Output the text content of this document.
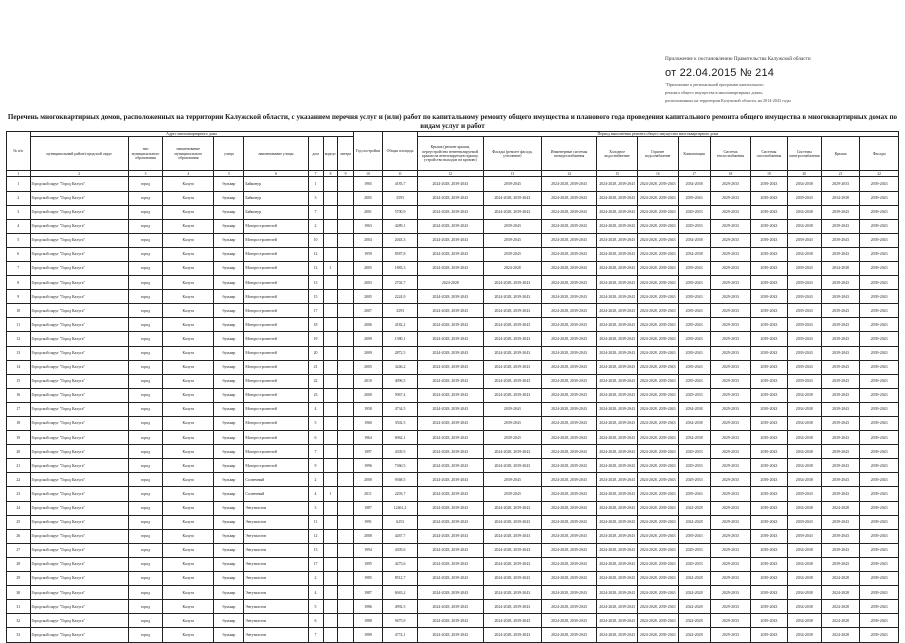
Приложение к постановлению Правительства Калужской области
от 22.04.2015 № 214
"Приложение к региональной программе капитального
ремонта общего имущества в многоквартирных домах,
расположенных на территории Калужской области, на 2014-2043 годы
Перечень многоквартирных домов, расположенных на территории Калужской области, с указанием перечня услуг и (или) работ по капитальному ремонту общего имущества и планового года проведения капитального ремонта общего имущества в многоквартирных домах по видам услуг и работ
№ п/п	Адрес многоквартирного дома								Год постройки	Общая площадь	Период выполнения ремонта общего имущества многоквартирного дома										
	муниципальный район/городской округ	тип муниципального образования	наименование муниципального образования	улица	наименование улицы	дом	корпус	литера			Крыша (ремонт крыши, переустройство невентилируемой крыши на вентилируемую крышу, устройство выходов на кровлю)	Фасады (ремонт фасада, утепление)	Инженерные системы электроснабжения	Холодное водоснабжение	Горячее водоснабжение	Канализация	Система теплоснабжения	Системы газоснабжения	Системы электроснабжения	Крыша	Фасады
1	2	3	4	5	6	7	8	9	10	11	12	13	14	15	16	17	18	19	20	21	22
1	Городской округ "Город Калуга"	город	Калуга	бульвар	Байконур	1			1965	4183,7	2024-2028, 2039-2043	2039-2043	2024-2028, 2039-2043	2024-2028, 2039-2043	2024-2028, 2039-2043	2034-2038	2029-2033	2039-2043	2034-2038	2029-2033	2039-2043
2	Городской округ "Город Калуга"	город	Калуга	бульвар	Байконур	3			2005	3593	2024-2028, 2039-2043	2024-2028, 2039-2043	2024-2028, 2039-2043	2024-2028, 2039-2043	2024-2028, 2039-2043	2039-2043	2029-2033	2039-2043	2039-2043	2034-2038	2039-2043
3	Городской округ "Город Калуга"	город	Калуга	бульвар	Байконур	7			2001	5700,9	2024-2028, 2039-2043	2024-2028, 2039-2043	2024-2028, 2039-2043	2024-2028, 2039-2043	2024-2028, 2039-2043	2029-2033	2029-2033	2039-2043	2034-2038	2039-2043	2039-2043
4	Городской округ "Город Калуга"	город	Калуга	бульвар	Моторостроителей	2			1963	4289,1	2024-2028, 2039-2043	2039-2043	2024-2028, 2039-2043	2024-2028, 2039-2043	2024-2028, 2039-2043	2029-2033	2029-2033	2039-2043	2034-2038	2039-2043	2039-2043
5	Городской округ "Город Калуга"	город	Калуга	бульвар	Моторостроителей	10			2004	2043,3	2024-2028, 2039-2043	2039-2043	2024-2028, 2039-2043	2024-2028, 2039-2043	2024-2028, 2039-2043	2034-2038	2029-2033	2039-2043	2039-2043	2039-2043	2039-2043
6	Городской округ "Город Калуга"	город	Калуга	бульвар	Моторостроителей	12			1959	8587,8	2024-2028, 2039-2043	2039-2043	2024-2028, 2039-2043	2024-2028, 2039-2043	2024-2028, 2039-2043	2034-2038	2029-2033	2039-2043	2034-2038	2039-2043	2039-2043
7	Городской округ "Город Калуга"	город	Калуга	бульвар	Моторостроителей	12	1		2005	1883,3	2024-2028, 2039-2043	2024-2028	2024-2028, 2039-2043	2024-2028, 2039-2043	2024-2028, 2039-2043	2039-2043	2029-2033	2039-2043	2039-2043	2034-2038	2039-2043
8	Городской округ "Город Калуга"	город	Калуга	бульвар	Моторостроителей	13			2003	2702,7	2024-2028	2024-2028, 2039-2043	2024-2028, 2039-2043	2024-2028, 2039-2043	2024-2028, 2039-2043	2039-2043	2029-2033	2039-2043	2039-2043	2039-2043	2039-2043
9	Городской округ "Город Калуга"	город	Калуга	бульвар	Моторостроителей	15			2005	2224,9	2024-2028, 2039-2043	2024-2028, 2039-2043	2024-2028, 2039-2043	2024-2028, 2039-2043	2024-2028, 2039-2043	2039-2043	2029-2033	2039-2043	2039-2043	2039-2043	2039-2043
10	Городской округ "Город Калуга"	город	Калуга	бульвар	Моторостроителей	17			2007	3293	2024-2028, 2039-2043	2024-2028, 2039-2043	2024-2028, 2039-2043	2024-2028, 2039-2043	2024-2028, 2039-2043	2039-2043	2029-2033	2039-2043	2039-2043	2039-2043	2039-2043
11	Городской округ "Город Калуга"	город	Калуга	бульвар	Моторостроителей	18			2006	4182,2	2024-2028, 2039-2043	2024-2028, 2039-2043	2024-2028, 2039-2043	2024-2028, 2039-2043	2024-2028, 2039-2043	2039-2043	2029-2033	2039-2043	2039-2043	2039-2043	2039-2043
12	Городской округ "Город Калуга"	город	Калуга	бульвар	Моторостроителей	19			2009	1380,1	2024-2028, 2039-2043	2024-2028, 2039-2043	2024-2028, 2039-2043	2024-2028, 2039-2043	2024-2028, 2039-2043	2039-2043	2029-2033	2039-2043	2039-2043	2039-2043	2039-2043
13	Городской округ "Город Калуга"	город	Калуга	бульвар	Моторостроителей	20			2009	2872,5	2024-2028, 2039-2043	2024-2028, 2039-2043	2024-2028, 2039-2043	2024-2028, 2039-2043	2024-2028, 2039-2043	2039-2043	2029-2033	2039-2043	2039-2043	2039-2043	2039-2043
14	Городской округ "Город Калуга"	город	Калуга	бульвар	Моторостроителей	21			2005	3246,2	2024-2028, 2039-2043	2024-2028, 2039-2043	2024-2028, 2039-2043	2024-2028, 2039-2043	2024-2028, 2039-2043	2039-2043	2029-2033	2039-2043	2039-2043	2039-2043	2039-2043
15	Городской округ "Город Калуга"	город	Калуга	бульвар	Моторостроителей	22			2010	4096,5	2024-2028, 2039-2043	2024-2028, 2039-2043	2024-2028, 2039-2043	2024-2028, 2039-2043	2024-2028, 2039-2043	2039-2043	2029-2033	2039-2043	2039-2043	2039-2043	2039-2043
16	Городской округ "Город Калуга"	город	Калуга	бульвар	Моторостроителей	23			2000	5967,4	2024-2028, 2039-2043	2024-2028, 2039-2043	2024-2028, 2039-2043	2024-2028, 2039-2043	2024-2028, 2039-2043	2029-2033	2029-2033	2039-2043	2034-2038	2039-2043	2039-2043
17	Городской округ "Город Калуга"	город	Калуга	бульвар	Моторостроителей	4			1958	4734,5	2024-2028, 2039-2043	2039-2043	2024-2028, 2039-2043	2024-2028, 2039-2043	2024-2028, 2039-2043	2034-2038	2029-2033	2039-2043	2034-2038	2039-2043	2039-2043
18	Городской округ "Город Калуга"	город	Калуга	бульвар	Моторостроителей	5			1960	3502,5	2024-2028, 2039-2043	2039-2043	2024-2028, 2039-2043	2024-2028, 2039-2043	2024-2028, 2039-2043	2034-2038	2029-2033	2039-2043	2034-2038	2039-2043	2039-2043
19	Городской округ "Город Калуга"	город	Калуга	бульвар	Моторостроителей	6			1964	6962,1	2024-2028, 2039-2043	2039-2043	2024-2028, 2039-2043	2024-2028, 2039-2043	2024-2028, 2039-2043	2034-2038	2029-2033	2039-2043	2034-2038	2039-2043	2039-2043
20	Городской округ "Город Калуга"	город	Калуга	бульвар	Моторостроителей	7			1997	4339,5	2024-2028, 2039-2043	2024-2028, 2039-2043	2024-2028, 2039-2043	2024-2028, 2039-2043	2024-2028, 2039-2043	2029-2033	2029-2033	2039-2043	2034-2038	2039-2043	2039-2043
21	Городской округ "Город Калуга"	город	Калуга	бульвар	Моторостроителей	9			1996	7360,5	2024-2028, 2039-2043	2024-2028, 2039-2043	2024-2028, 2039-2043	2024-2028, 2039-2043	2024-2028, 2039-2043	2029-2033	2029-2033	2039-2043	2034-2038	2039-2043	2039-2043
22	Городской округ "Город Калуга"	город	Калуга	бульвар	Солнечный	2			2000	9368,5	2024-2028, 2039-2043	2039-2043	2024-2028, 2039-2043	2024-2028, 2039-2043	2024-2028, 2039-2043	2029-2033	2029-2033	2039-2043	2034-2038	2039-2043	2039-2043
23	Городской округ "Город Калуга"	город	Калуга	бульвар	Солнечный	4	1		2011	2203,7	2024-2028, 2039-2043	2039-2043	2024-2028, 2039-2043	2024-2028, 2039-2043	2024-2028, 2039-2043	2039-2043	2029-2033	2039-2043	2039-2043	2039-2043	2039-2043
24	Городской округ "Город Калуга"	город	Калуга	бульвар	Энтузиастов	3			1987	12461,2	2024-2028, 2039-2043	2024-2028, 2039-2043	2024-2028, 2039-2043	2024-2028, 2039-2043	2024-2028, 2039-2043	2024-2028	2029-2033	2039-2043	2034-2038	2024-2028	2039-2043
25	Городской округ "Город Калуга"	город	Калуга	бульвар	Энтузиастов	11			1991	6253	2024-2028, 2039-2043	2024-2028, 2039-2043	2024-2028, 2039-2043	2024-2028, 2039-2043	2024-2028, 2039-2043	2024-2028	2029-2033	2039-2043	2039-2043	2039-2043	2039-2043
26	Городской округ "Город Калуга"	город	Калуга	бульвар	Энтузиастов	12			2008	4267,7	2024-2028, 2039-2043	2024-2028, 2039-2043	2024-2028, 2039-2043	2024-2028, 2039-2043	2024-2028, 2039-2043	2039-2043	2029-2033	2039-2043	2039-2043	2039-2043	2039-2043
27	Городской округ "Город Калуга"	город	Калуга	бульвар	Энтузиастов	13			1994	4305,6	2024-2028, 2039-2043	2024-2028, 2039-2043	2024-2028, 2039-2043	2024-2028, 2039-2043	2024-2028, 2039-2043	2029-2033	2029-2033	2039-2043	2034-2038	2039-2043	2039-2043
28	Городской округ "Город Калуга"	город	Калуга	бульвар	Энтузиастов	17			1995	4275,6	2024-2028, 2039-2043	2024-2028, 2039-2043	2024-2028, 2039-2043	2024-2028, 2039-2043	2024-2028, 2039-2043	2029-2033	2029-2033	2039-2043	2034-2038	2039-2043	2039-2043
29	Городской округ "Город Калуга"	город	Калуга	бульвар	Энтузиастов	2			1985	8512,7	2024-2028, 2039-2043	2024-2028, 2039-2043	2024-2028, 2039-2043	2024-2028, 2039-2043	2024-2028, 2039-2043	2024-2028	2029-2033	2039-2043	2034-2038	2024-2028	2039-2043
30	Городской округ "Город Калуга"	город	Калуга	бульвар	Энтузиастов	4			1987	6943,2	2024-2028, 2039-2043	2024-2028, 2039-2043	2024-2028, 2039-2043	2024-2028, 2039-2043	2024-2028, 2039-2043	2024-2028	2029-2033	2039-2043	2034-2038	2024-2028	2039-2043
31	Городской округ "Город Калуга"	город	Калуга	бульвар	Энтузиастов	5			1986	4992,5	2024-2028, 2039-2043	2024-2028, 2039-2043	2024-2028, 2039-2043	2024-2028, 2039-2043	2024-2028, 2039-2043	2024-2028	2029-2033	2039-2043	2034-2038	2024-2028	2039-2043
32	Городской округ "Город Калуга"	город	Калуга	бульвар	Энтузиастов	6			1988	9475,9	2024-2028, 2039-2043	2024-2028, 2039-2043	2024-2028, 2039-2043	2024-2028, 2039-2043	2024-2028, 2039-2043	2024-2028	2029-2033	2039-2043	2034-2038	2024-2028	2039-2043
33	Городской округ "Город Калуга"	город	Калуга	бульвар	Энтузиастов	7			1989	4774,1	2024-2028, 2039-2043	2024-2028, 2039-2043	2024-2028, 2039-2043	2024-2028, 2039-2043	2024-2028, 2039-2043	2024-2028	2029-2033	2039-2043	2034-2038	2024-2028	2039-2043
